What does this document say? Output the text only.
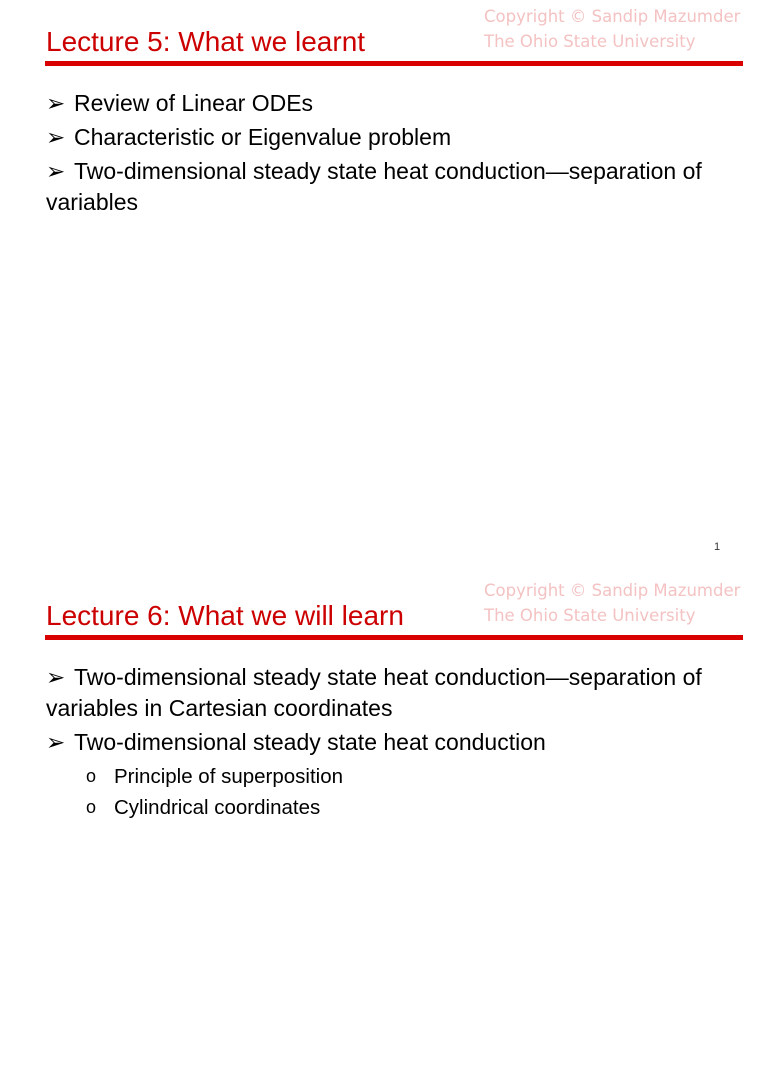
Copyright © Sandip Mazumder
The Ohio State University
Lecture 5: What we learnt
➢ Review of Linear ODEs
➢ Characteristic or Eigenvalue problem
➢ Two-dimensional steady state heat conduction—separation of variables
1
Copyright © Sandip Mazumder
The Ohio State University
Lecture 6: What we will learn
➢ Two-dimensional steady state heat conduction—separation of variables in Cartesian coordinates
➢ Two-dimensional steady state heat conduction
o Principle of superposition
o Cylindrical coordinates
